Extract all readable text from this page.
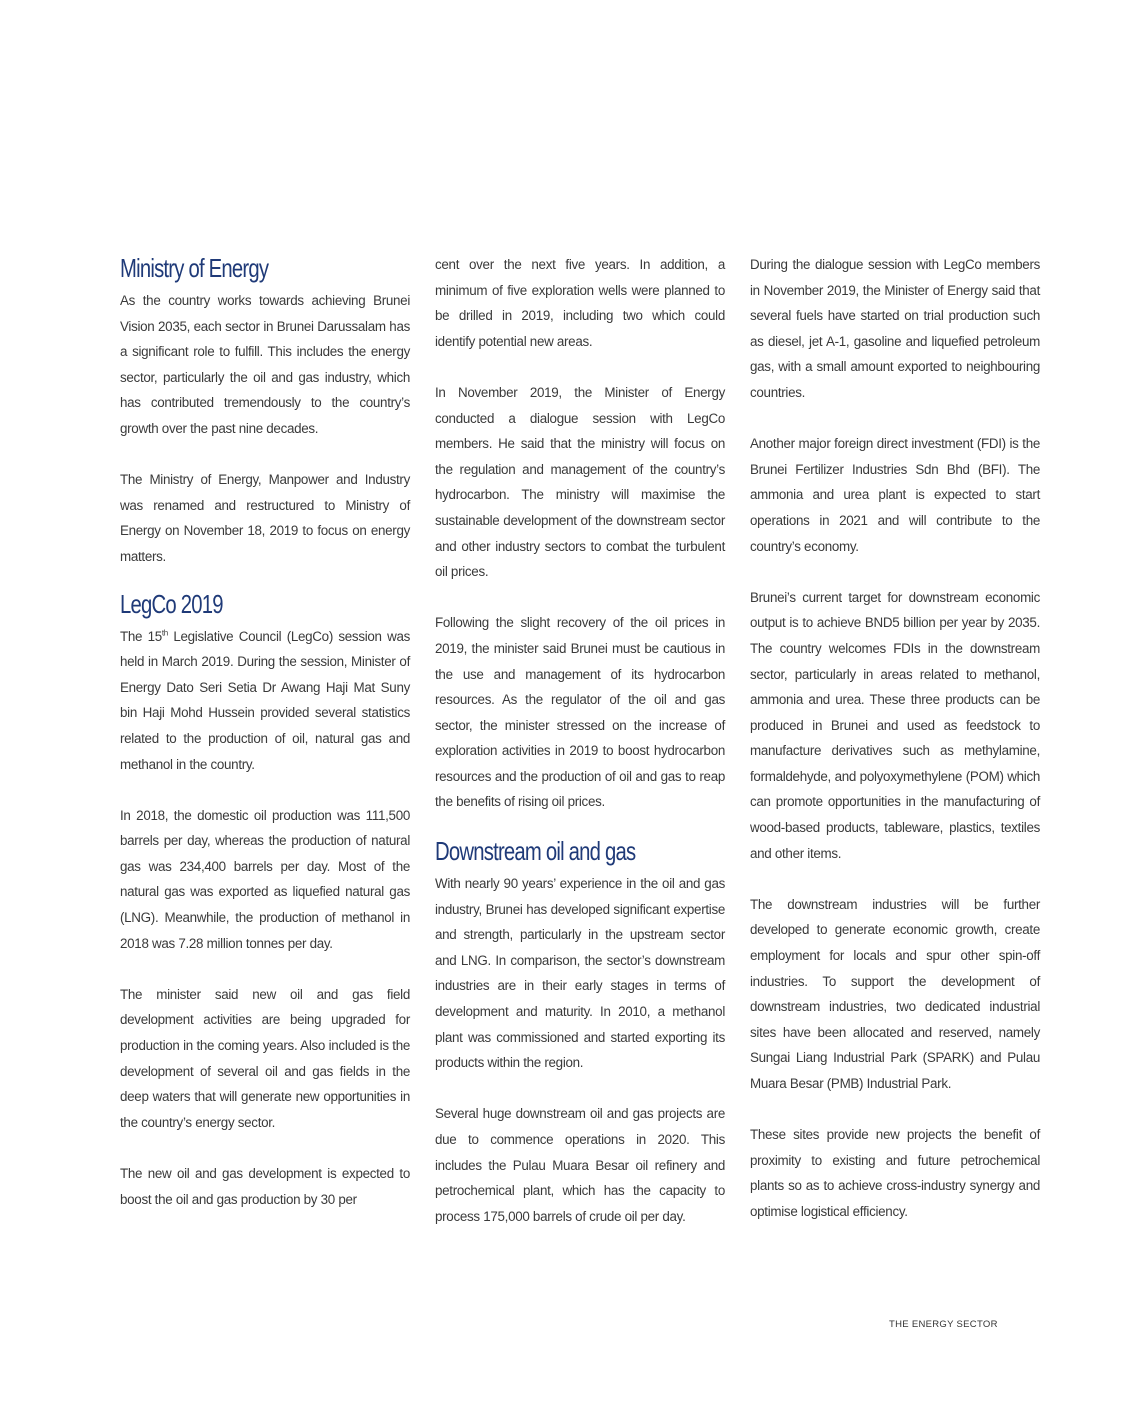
Ministry of Energy

As the country works towards achieving Brunei Vision 2035, each sector in Brunei Darussalam has a significant role to fulfill. This includes the energy sector, particularly the oil and gas industry, which has contributed tremendously to the country’s growth over the past nine decades.

The Ministry of Energy, Manpower and Industry was renamed and restructured to Ministry of Energy on November 18, 2019 to focus on energy matters.

LegCo 2019

The 15th Legislative Council (LegCo) session was held in March 2019. During the session, Minister of Energy Dato Seri Setia Dr Awang Haji Mat Suny bin Haji Mohd Hussein provided several statistics related to the production of oil, natural gas and methanol in the country.

In 2018, the domestic oil production was 111,500 barrels per day, whereas the production of natural gas was 234,400 barrels per day. Most of the natural gas was exported as liquefied natural gas (LNG). Meanwhile, the production of methanol in 2018 was 7.28 million tonnes per day.

The minister said new oil and gas field development activities are being upgraded for production in the coming years. Also included is the development of several oil and gas fields in the deep waters that will generate new opportunities in the country’s energy sector.

The new oil and gas development is expected to boost the oil and gas production by 30 per

cent over the next five years. In addition, a minimum of five exploration wells were planned to be drilled in 2019, including two which could identify potential new areas.

In November 2019, the Minister of Energy conducted a dialogue session with LegCo members. He said that the ministry will focus on the regulation and management of the country’s hydrocarbon. The ministry will maximise the sustainable development of the downstream sector and other industry sectors to combat the turbulent oil prices.

Following the slight recovery of the oil prices in 2019, the minister said Brunei must be cautious in the use and management of its hydrocarbon resources. As the regulator of the oil and gas sector, the minister stressed on the increase of exploration activities in 2019 to boost hydrocarbon resources and the production of oil and gas to reap the benefits of rising oil prices.

Downstream oil and gas

With nearly 90 years’ experience in the oil and gas industry, Brunei has developed significant expertise and strength, particularly in the upstream sector and LNG. In comparison, the sector’s downstream industries are in their early stages in terms of development and maturity. In 2010, a methanol plant was commissioned and started exporting its products within the region.

Several huge downstream oil and gas projects are due to commence operations in 2020. This includes the Pulau Muara Besar oil refinery and petrochemical plant, which has the capacity to process 175,000 barrels of crude oil per day.

During the dialogue session with LegCo members in November 2019, the Minister of Energy said that several fuels have started on trial production such as diesel, jet A-1, gasoline and liquefied petroleum gas, with a small amount exported to neighbouring countries.

Another major foreign direct investment (FDI) is the Brunei Fertilizer Industries Sdn Bhd (BFI). The ammonia and urea plant is expected to start operations in 2021 and will contribute to the country’s economy.

Brunei’s current target for downstream economic output is to achieve BND5 billion per year by 2035. The country welcomes FDIs in the downstream sector, particularly in areas related to methanol, ammonia and urea. These three products can be produced in Brunei and used as feedstock to manufacture derivatives such as methylamine, formaldehyde, and polyoxymethylene (POM) which can promote opportunities in the manufacturing of wood-based products, tableware, plastics, textiles and other items.

The downstream industries will be further developed to generate economic growth, create employment for locals and spur other spin-off industries. To support the development of downstream industries, two dedicated industrial sites have been allocated and reserved, namely Sungai Liang Industrial Park (SPARK) and Pulau Muara Besar (PMB) Industrial Park.

These sites provide new projects the benefit of proximity to existing and future petrochemical plants so as to achieve cross-industry synergy and optimise logistical efficiency.

THE ENERGY SECTOR
